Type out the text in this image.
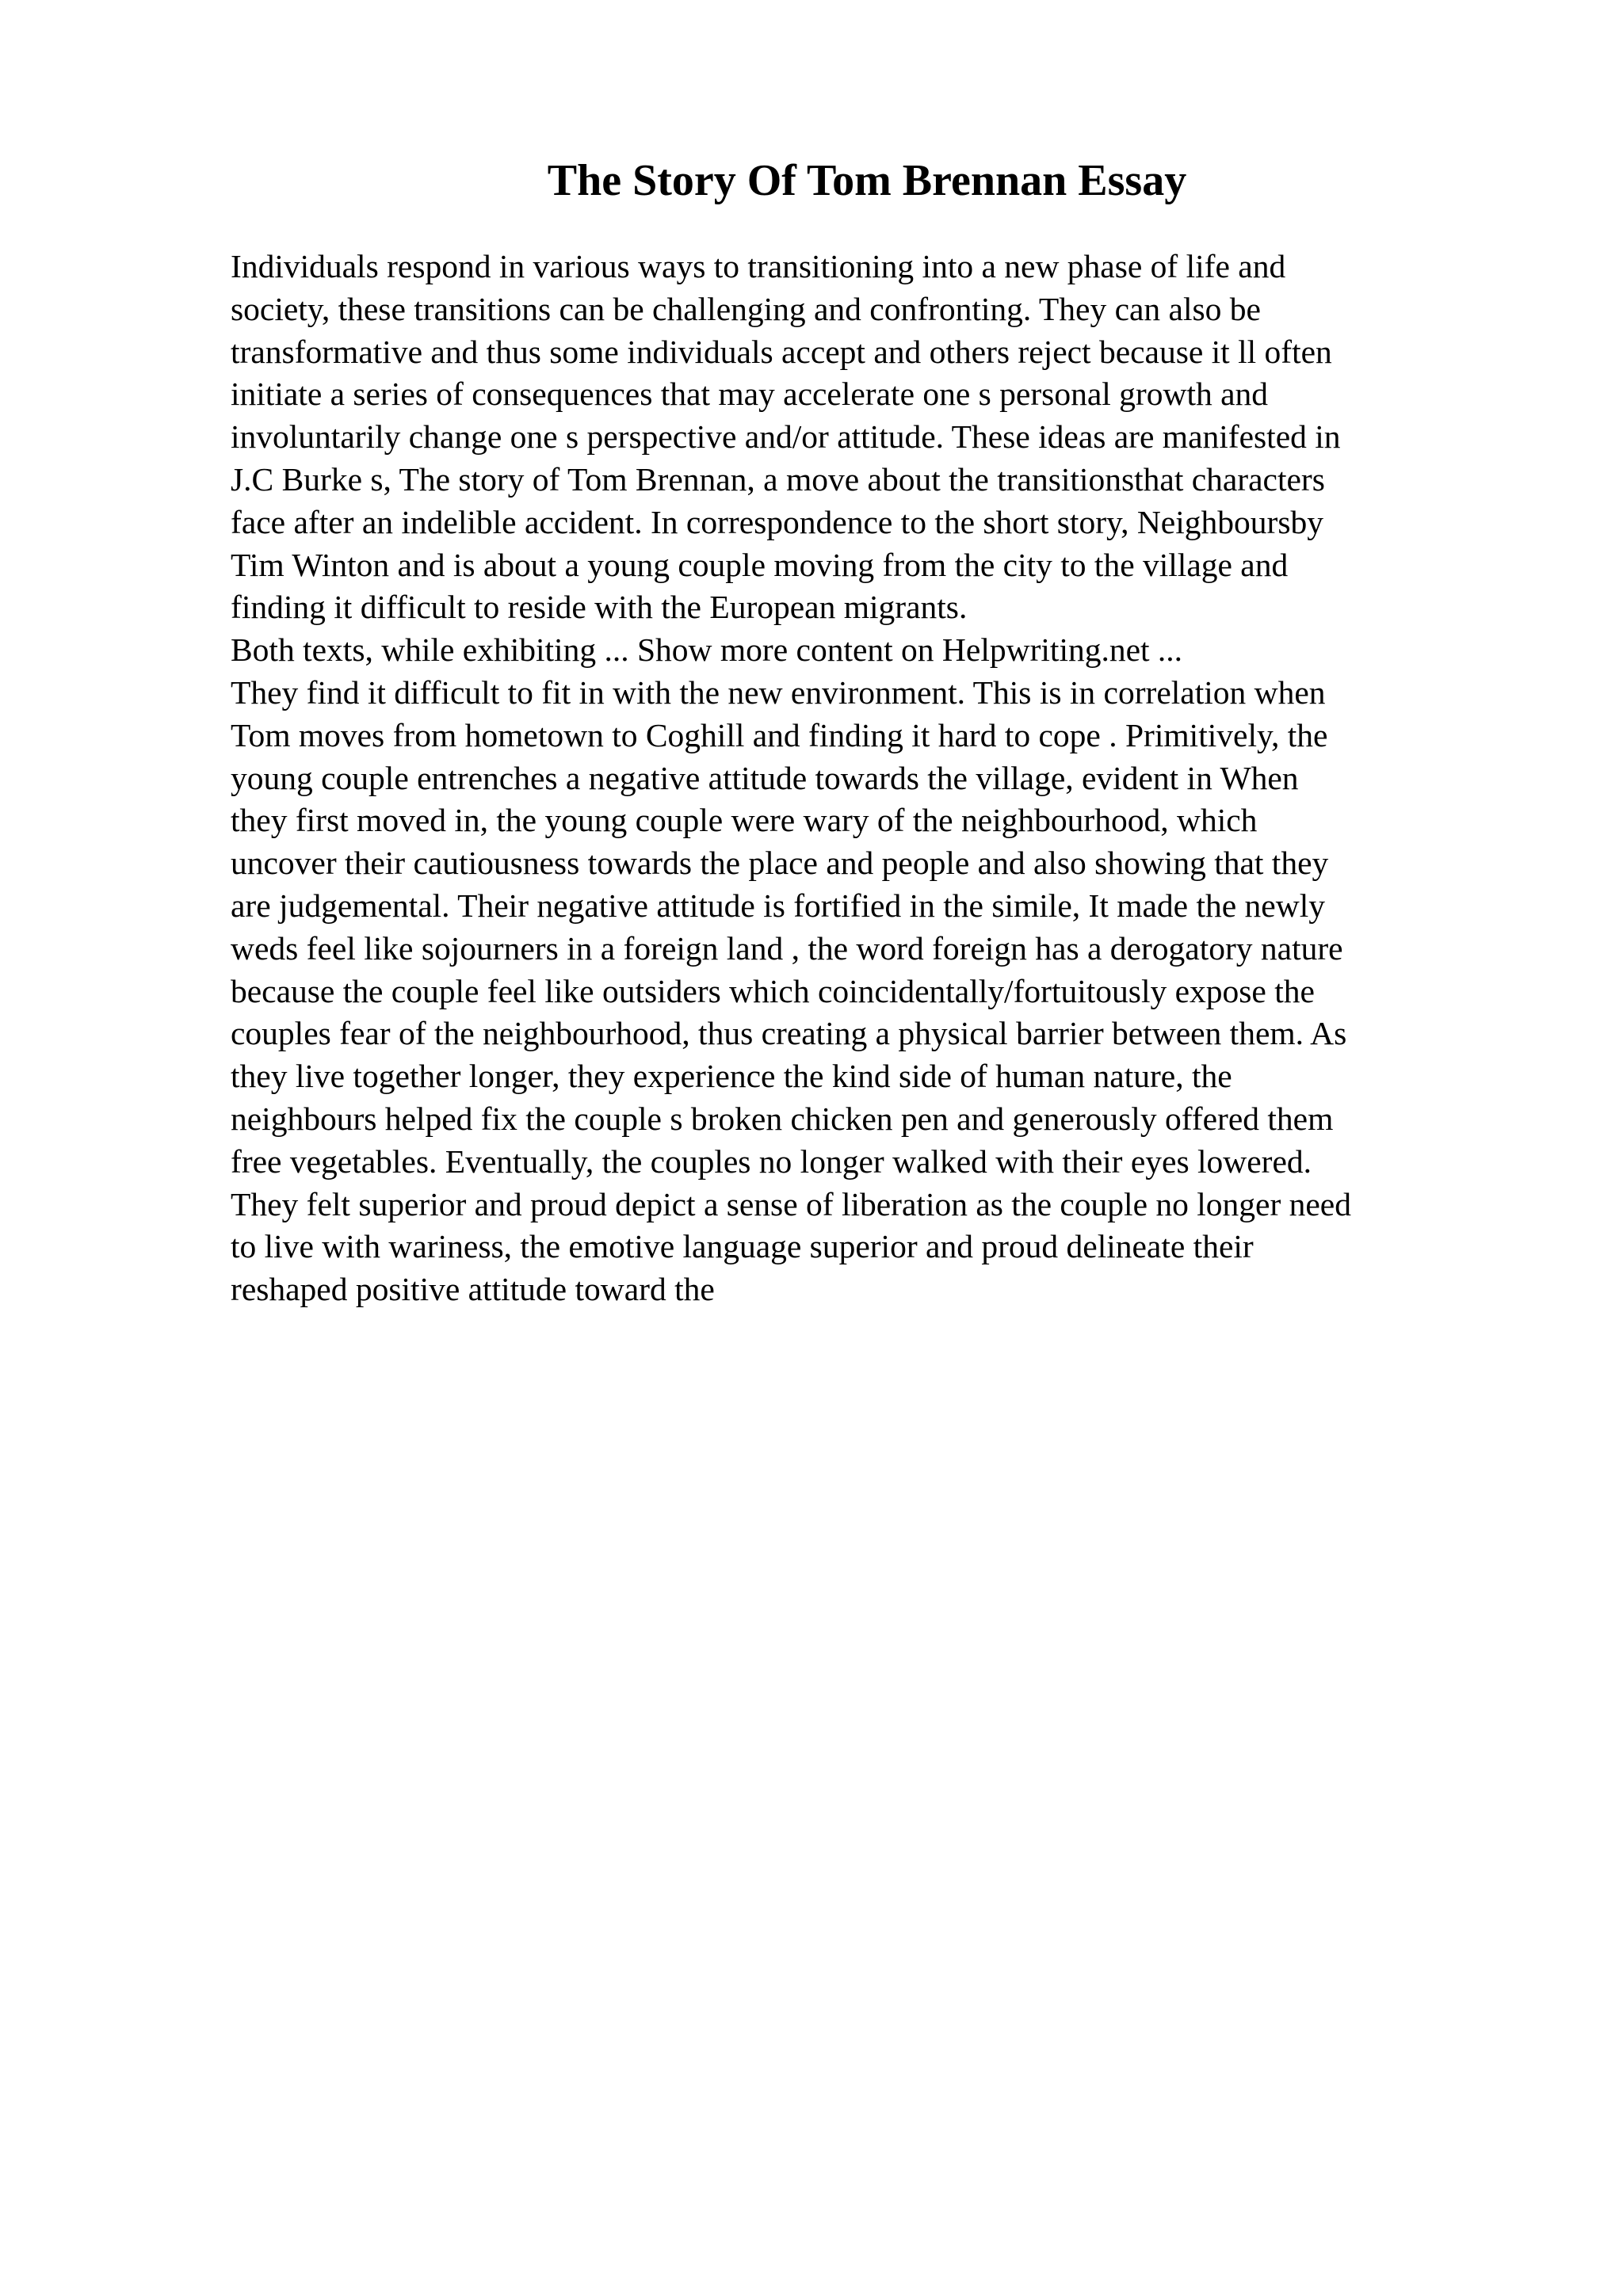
The Story Of Tom Brennan Essay
Individuals respond in various ways to transitioning into a new phase of life and
society, these transitions can be challenging and confronting. They can also be
transformative and thus some individuals accept and others reject because it ll often
initiate a series of consequences that may accelerate one s personal growth and
involuntarily change one s perspective and/or attitude. These ideas are manifested in
J.C Burke s, The story of Tom Brennan, a move about the transitionsthat characters
face after an indelible accident. In correspondence to the short story, Neighboursby
Tim Winton and is about a young couple moving from the city to the village and
finding it difficult to reside with the European migrants.
Both texts, while exhibiting ... Show more content on Helpwriting.net ...
They find it difficult to fit in with the new environment. This is in correlation when
Tom moves from hometown to Coghill and finding it hard to cope . Primitively, the
young couple entrenches a negative attitude towards the village, evident in When
they first moved in, the young couple were wary of the neighbourhood, which
uncover their cautiousness towards the place and people and also showing that they
are judgemental. Their negative attitude is fortified in the simile, It made the newly
weds feel like sojourners in a foreign land , the word foreign has a derogatory nature
because the couple feel like outsiders which coincidentally/fortuitously expose the
couples fear of the neighbourhood, thus creating a physical barrier between them. As
they live together longer, they experience the kind side of human nature, the
neighbours helped fix the couple s broken chicken pen and generously offered them
free vegetables. Eventually, the couples no longer walked with their eyes lowered.
They felt superior and proud depict a sense of liberation as the couple no longer need
to live with wariness, the emotive language superior and proud delineate their
reshaped positive attitude toward the
